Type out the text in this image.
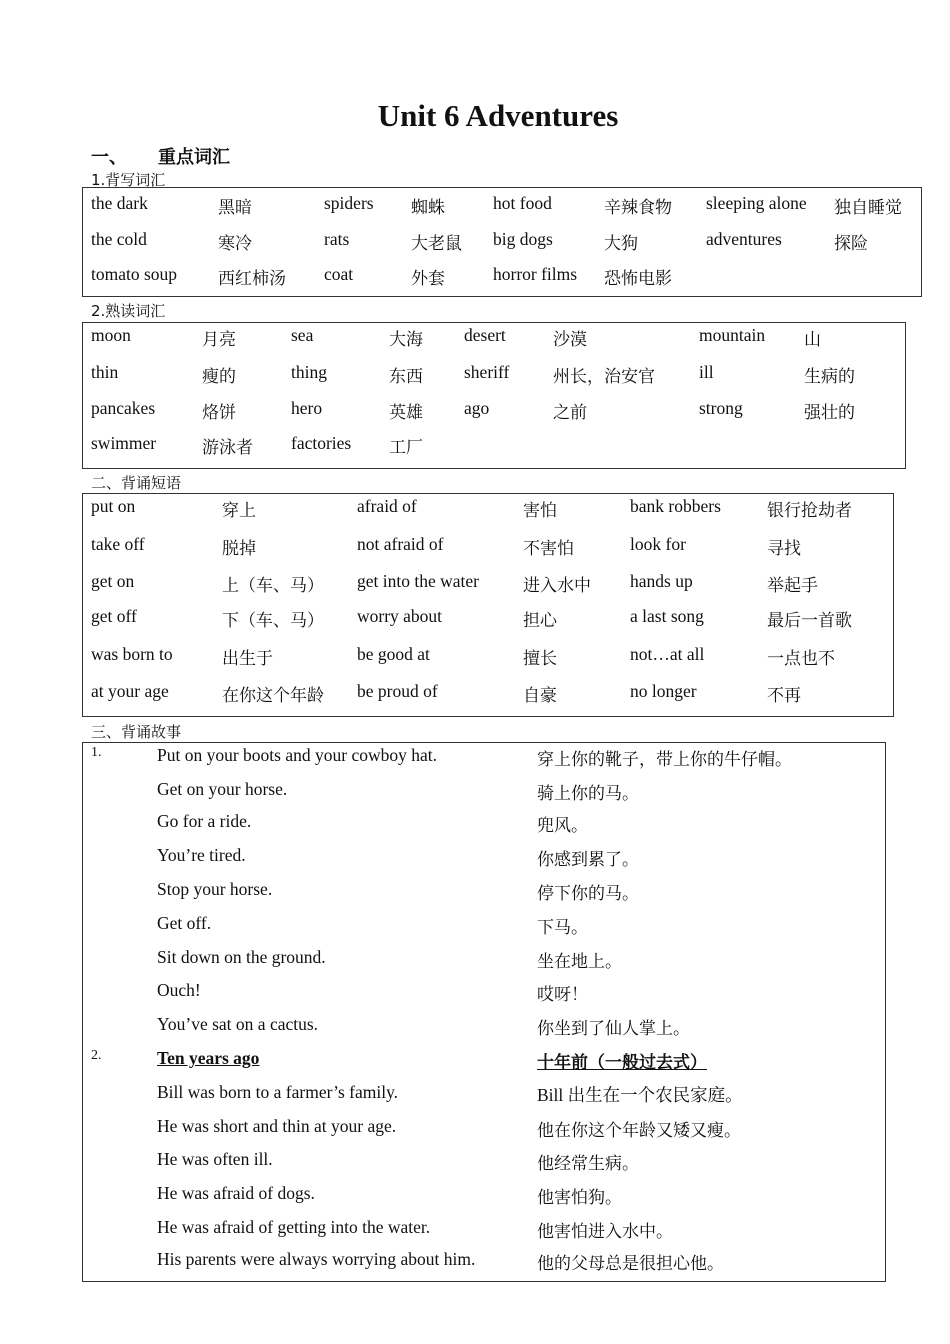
Unit 6 Adventures
一、 重点词汇
1.背写词汇
2.熟读词汇
二、背诵短语
三、背诵故事
the dark	黑暗	spiders 蜘蛛	hot food	辛辣食物 sleeping alone 独自睡觉
the cold	寒冷	rats	大老鼠 big dogs	大狗	adventures	探险
tomato soup 西红柿汤 coat	外套	horror films 恐怖电影
moon	月亮	sea	大海 desert	沙漠	mountain 山
thin	瘦的	thing	东西 sheriff	州长，治安官	ill	生病的
pancakes	烙饼	hero	英雄 ago	之前	strong	强壮的
swimmer	游泳者 factories 工厂
put on	穿上	afraid of	害怕	bank robbers	银行抢劫者
take off	脱掉	not afraid of	不害怕	look for	寻找
get on	上（车、马） get into the water	进入水中 hands up	举起手
get off	下（车、马） worry about	担心	a last song	最后一首歌
was born to	出生于	be good at	擅长	not…at all	一点也不
at your age	在你这个年龄 be proud of	自豪	no longer	不再
1.	Put on your boots and your cowboy hat.	穿上你的靴子，带上你的牛仔帽。
Get on your horse.	骑上你的马。
Go for a ride.	兜风。
You’re tired.	你感到累了。
Stop your horse.	停下你的马。
Get off.	下马。
Sit down on the ground.	坐在地上。
Ouch!	哎呀！
You’ve sat on a cactus.	你坐到了仙人掌上。
2.	Ten years ago	十年前（一般过去式）
Bill was born to a farmer’s family.	Bill 出生在一个农民家庭。
He was short and thin at your age.	他在你这个年龄又矮又瘦。
He was often ill.	他经常生病。
He was afraid of dogs.	他害怕狗。
He was afraid of getting into the water.	他害怕进入水中。
His parents were always worrying about him.	他的父母总是很担心他。
